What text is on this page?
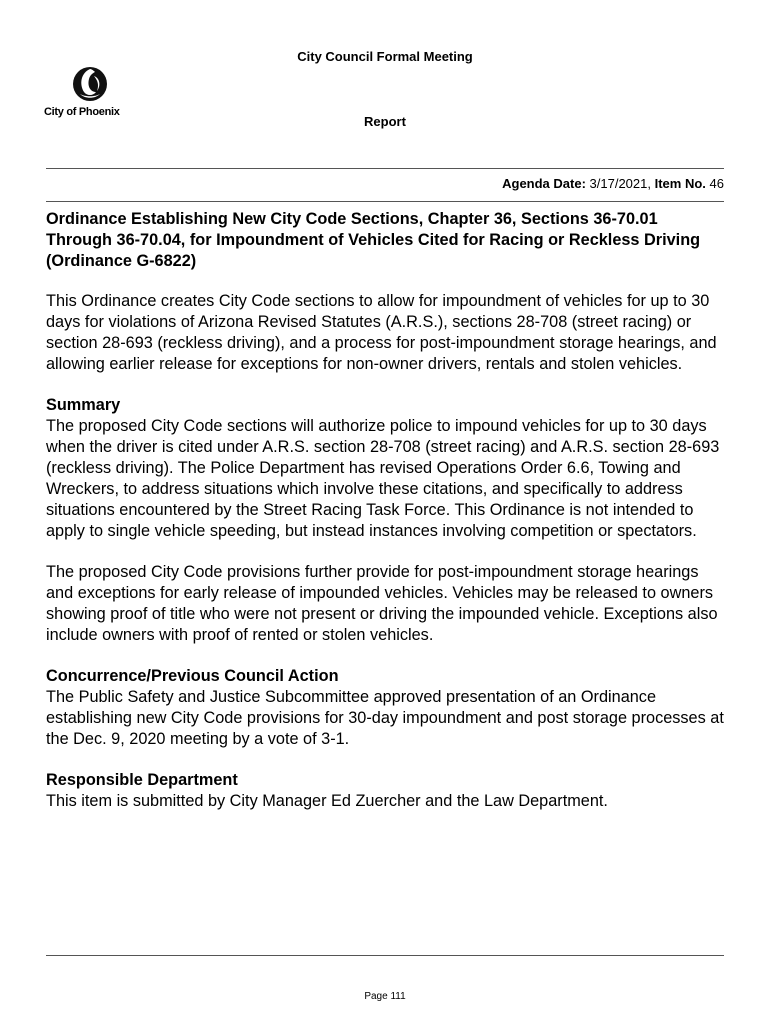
City of Phoenix
City Council Formal Meeting
Report
Agenda Date: 3/17/2021, Item No. 46

Ordinance Establishing New City Code Sections, Chapter 36, Sections 36-70.01 Through 36-70.04, for Impoundment of Vehicles Cited for Racing or Reckless Driving (Ordinance G-6822)

This Ordinance creates City Code sections to allow for impoundment of vehicles for up to 30 days for violations of Arizona Revised Statutes (A.R.S.), sections 28-708 (street racing) or section 28-693 (reckless driving), and a process for post-impoundment storage hearings, and allowing earlier release for exceptions for non-owner drivers, rentals and stolen vehicles.

Summary

The proposed City Code sections will authorize police to impound vehicles for up to 30 days when the driver is cited under A.R.S. section 28-708 (street racing) and A.R.S. section 28-693 (reckless driving). The Police Department has revised Operations Order 6.6, Towing and Wreckers, to address situations which involve these citations, and specifically to address situations encountered by the Street Racing Task Force. This Ordinance is not intended to apply to single vehicle speeding, but instead instances involving competition or spectators.

The proposed City Code provisions further provide for post-impoundment storage hearings and exceptions for early release of impounded vehicles. Vehicles may be released to owners showing proof of title who were not present or driving the impounded vehicle. Exceptions also include owners with proof of rented or stolen vehicles.

Concurrence/Previous Council Action

The Public Safety and Justice Subcommittee approved presentation of an Ordinance establishing new City Code provisions for 30-day impoundment and post storage processes at the Dec. 9, 2020 meeting by a vote of 3-1.

Responsible Department

This item is submitted by City Manager Ed Zuercher and the Law Department.

Page 111
